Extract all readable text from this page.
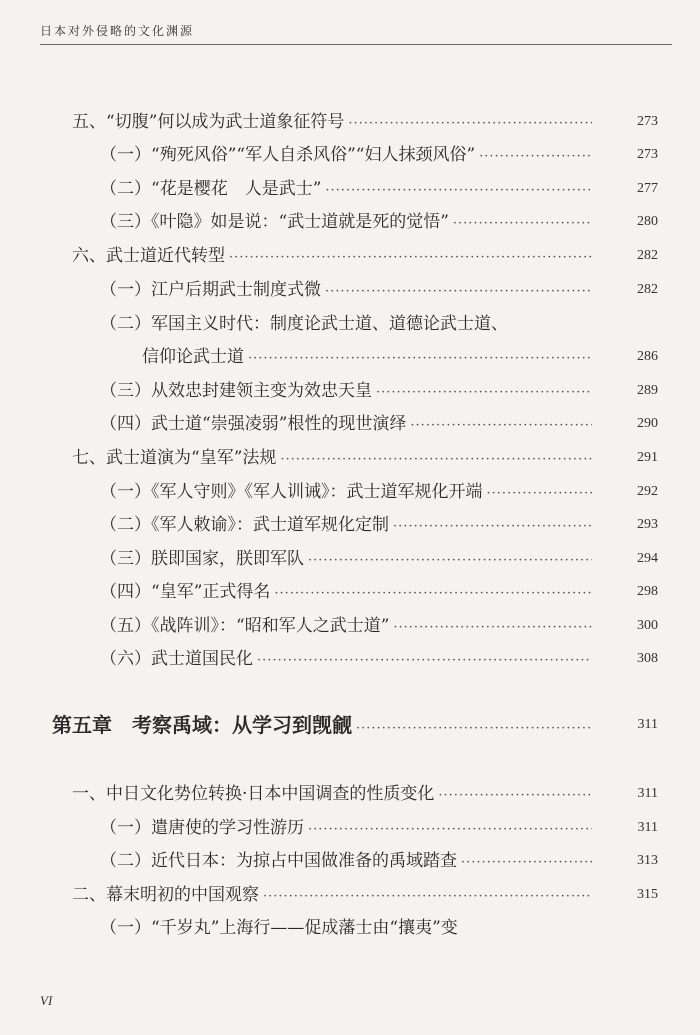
日本对外侵略的文化渊源
五、“切腹”何以成为武士道象征符号 ·····	273
（一）“殉死风俗”“军人自杀风俗”“妇人抹颈风俗” ·····	273
（二）“花是樱花　人是武士” ·····	277
（三）《叶隐》如是说：“武士道就是死的觉悟” ·····	280
六、武士道近代转型 ·····	282
（一）江户后期武士制度式微 ·····	282
（二）军国主义时代：制度论武士道、道德论武士道、
信仰论武士道 ·····	286
（三）从效忠封建领主变为效忠天皇 ·····	289
（四）武士道“崇强凌弱”根性的现世演绎 ·····	290
七、武士道演为“皇军”法规 ·····	291
（一）《军人守则》《军人训诫》：武士道军规化开端 ·····	292
（二）《军人敕谕》：武士道军规化定制 ·····	293
（三）朕即国家，朕即军队 ·····	294
（四）“皇军”正式得名 ·····	298
（五）《战阵训》：“昭和军人之武士道” ·····	300
（六）武士道国民化 ·····	308
第五章　考察禹域：从学习到觊觎 ·····	311
一、中日文化势位转换·日本中国调查的性质变化 ·····	311
（一）遣唐使的学习性游历 ·····	311
（二）近代日本：为掠占中国做准备的禹域踏查 ·····	313
二、幕末明初的中国观察 ·····	315
（一）“千岁丸”上海行——促成藩士由“攘夷”变
VI
